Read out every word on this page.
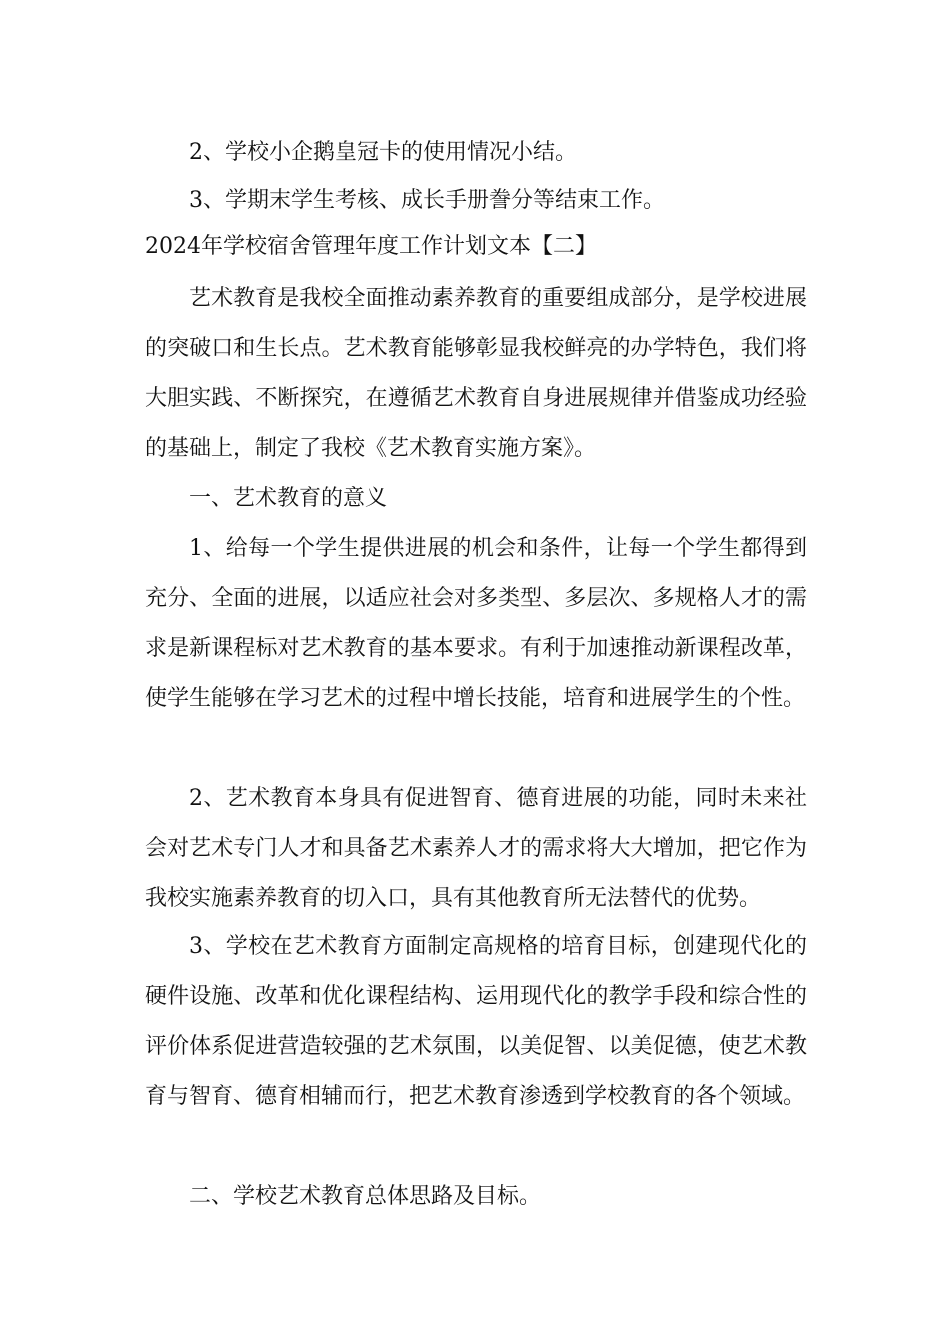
2、学校小企鹅皇冠卡的使用情况小结。

3、学期末学生考核、成长手册誊分等结束工作。

2024年学校宿舍管理年度工作计划文本【二】

艺术教育是我校全面推动素养教育的重要组成部分，是学校进展的突破口和生长点。艺术教育能够彰显我校鲜亮的办学特色，我们将大胆实践、不断探究，在遵循艺术教育自身进展规律并借鉴成功经验的基础上，制定了我校《艺术教育实施方案》。

一、艺术教育的意义

1、给每一个学生提供进展的机会和条件，让每一个学生都得到充分、全面的进展，以适应社会对多类型、多层次、多规格人才的需求是新课程标对艺术教育的基本要求。有利于加速推动新课程改革，使学生能够在学习艺术的过程中增长技能，培育和进展学生的个性。

2、艺术教育本身具有促进智育、德育进展的功能，同时未来社会对艺术专门人才和具备艺术素养人才的需求将大大增加，把它作为我校实施素养教育的切入口，具有其他教育所无法替代的优势。

3、学校在艺术教育方面制定高规格的培育目标，创建现代化的硬件设施、改革和优化课程结构、运用现代化的教学手段和综合性的评价体系促进营造较强的艺术氛围，以美促智、以美促德，使艺术教育与智育、德育相辅而行，把艺术教育渗透到学校教育的各个领域。

二、学校艺术教育总体思路及目标。
